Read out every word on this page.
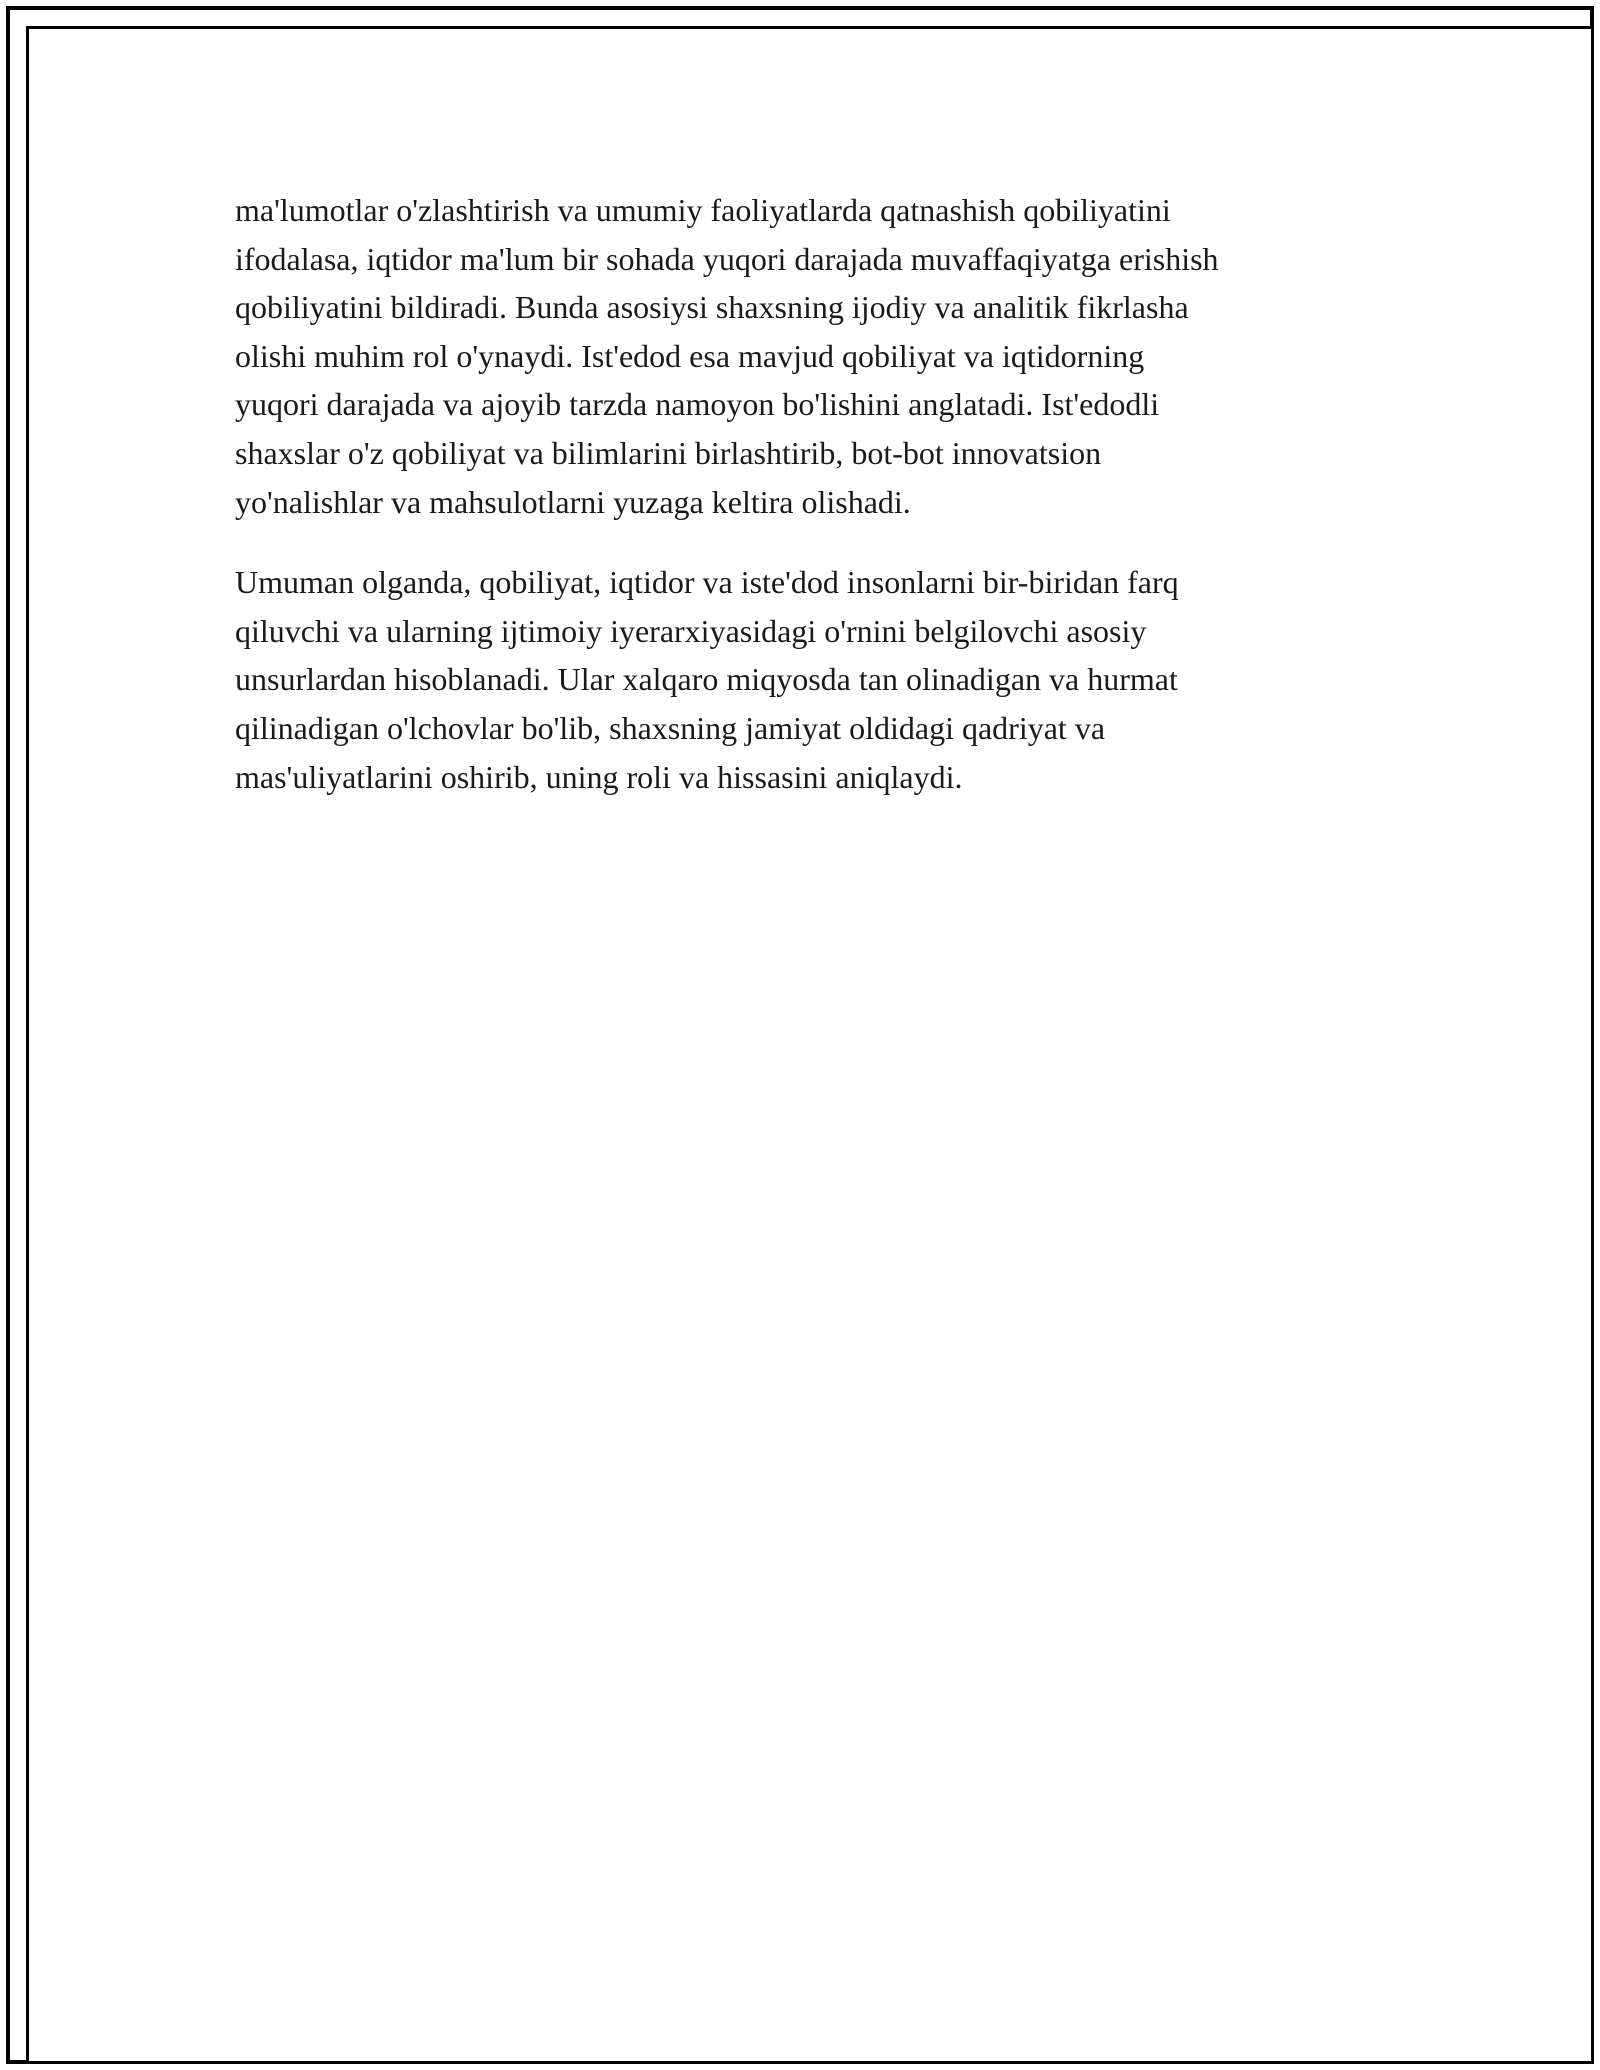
ma'lumotlar o'zlashtirish va umumiy faoliyatlarda qatnashish qobiliyatini
ifodalasa, iqtidor ma'lum bir sohada yuqori darajada muvaffaqiyatga erishish
qobiliyatini bildiradi. Bunda asosiysi shaxsning ijodiy va analitik fikrlasha
olishi muhim rol o'ynaydi. Ist'edod esa mavjud qobiliyat va iqtidorning
yuqori darajada va ajoyib tarzda namoyon bo'lishini anglatadi. Ist'edodli
shaxslar o'z qobiliyat va bilimlarini birlashtirib, bot-bot innovatsion
yo'nalishlar va mahsulotlarni yuzaga keltira olishadi.

Umuman olganda, qobiliyat, iqtidor va iste'dod insonlarni bir-biridan farq
qiluvchi va ularning ijtimoiy iyerarxiyasidagi o'rnini belgilovchi asosiy
unsurlardan hisoblanadi. Ular xalqaro miqyosda tan olinadigan va hurmat
qilinadigan o'lchovlar bo'lib, shaxsning jamiyat oldidagi qadriyat va
mas'uliyatlarini oshirib, uning roli va hissasini aniqlaydi.
